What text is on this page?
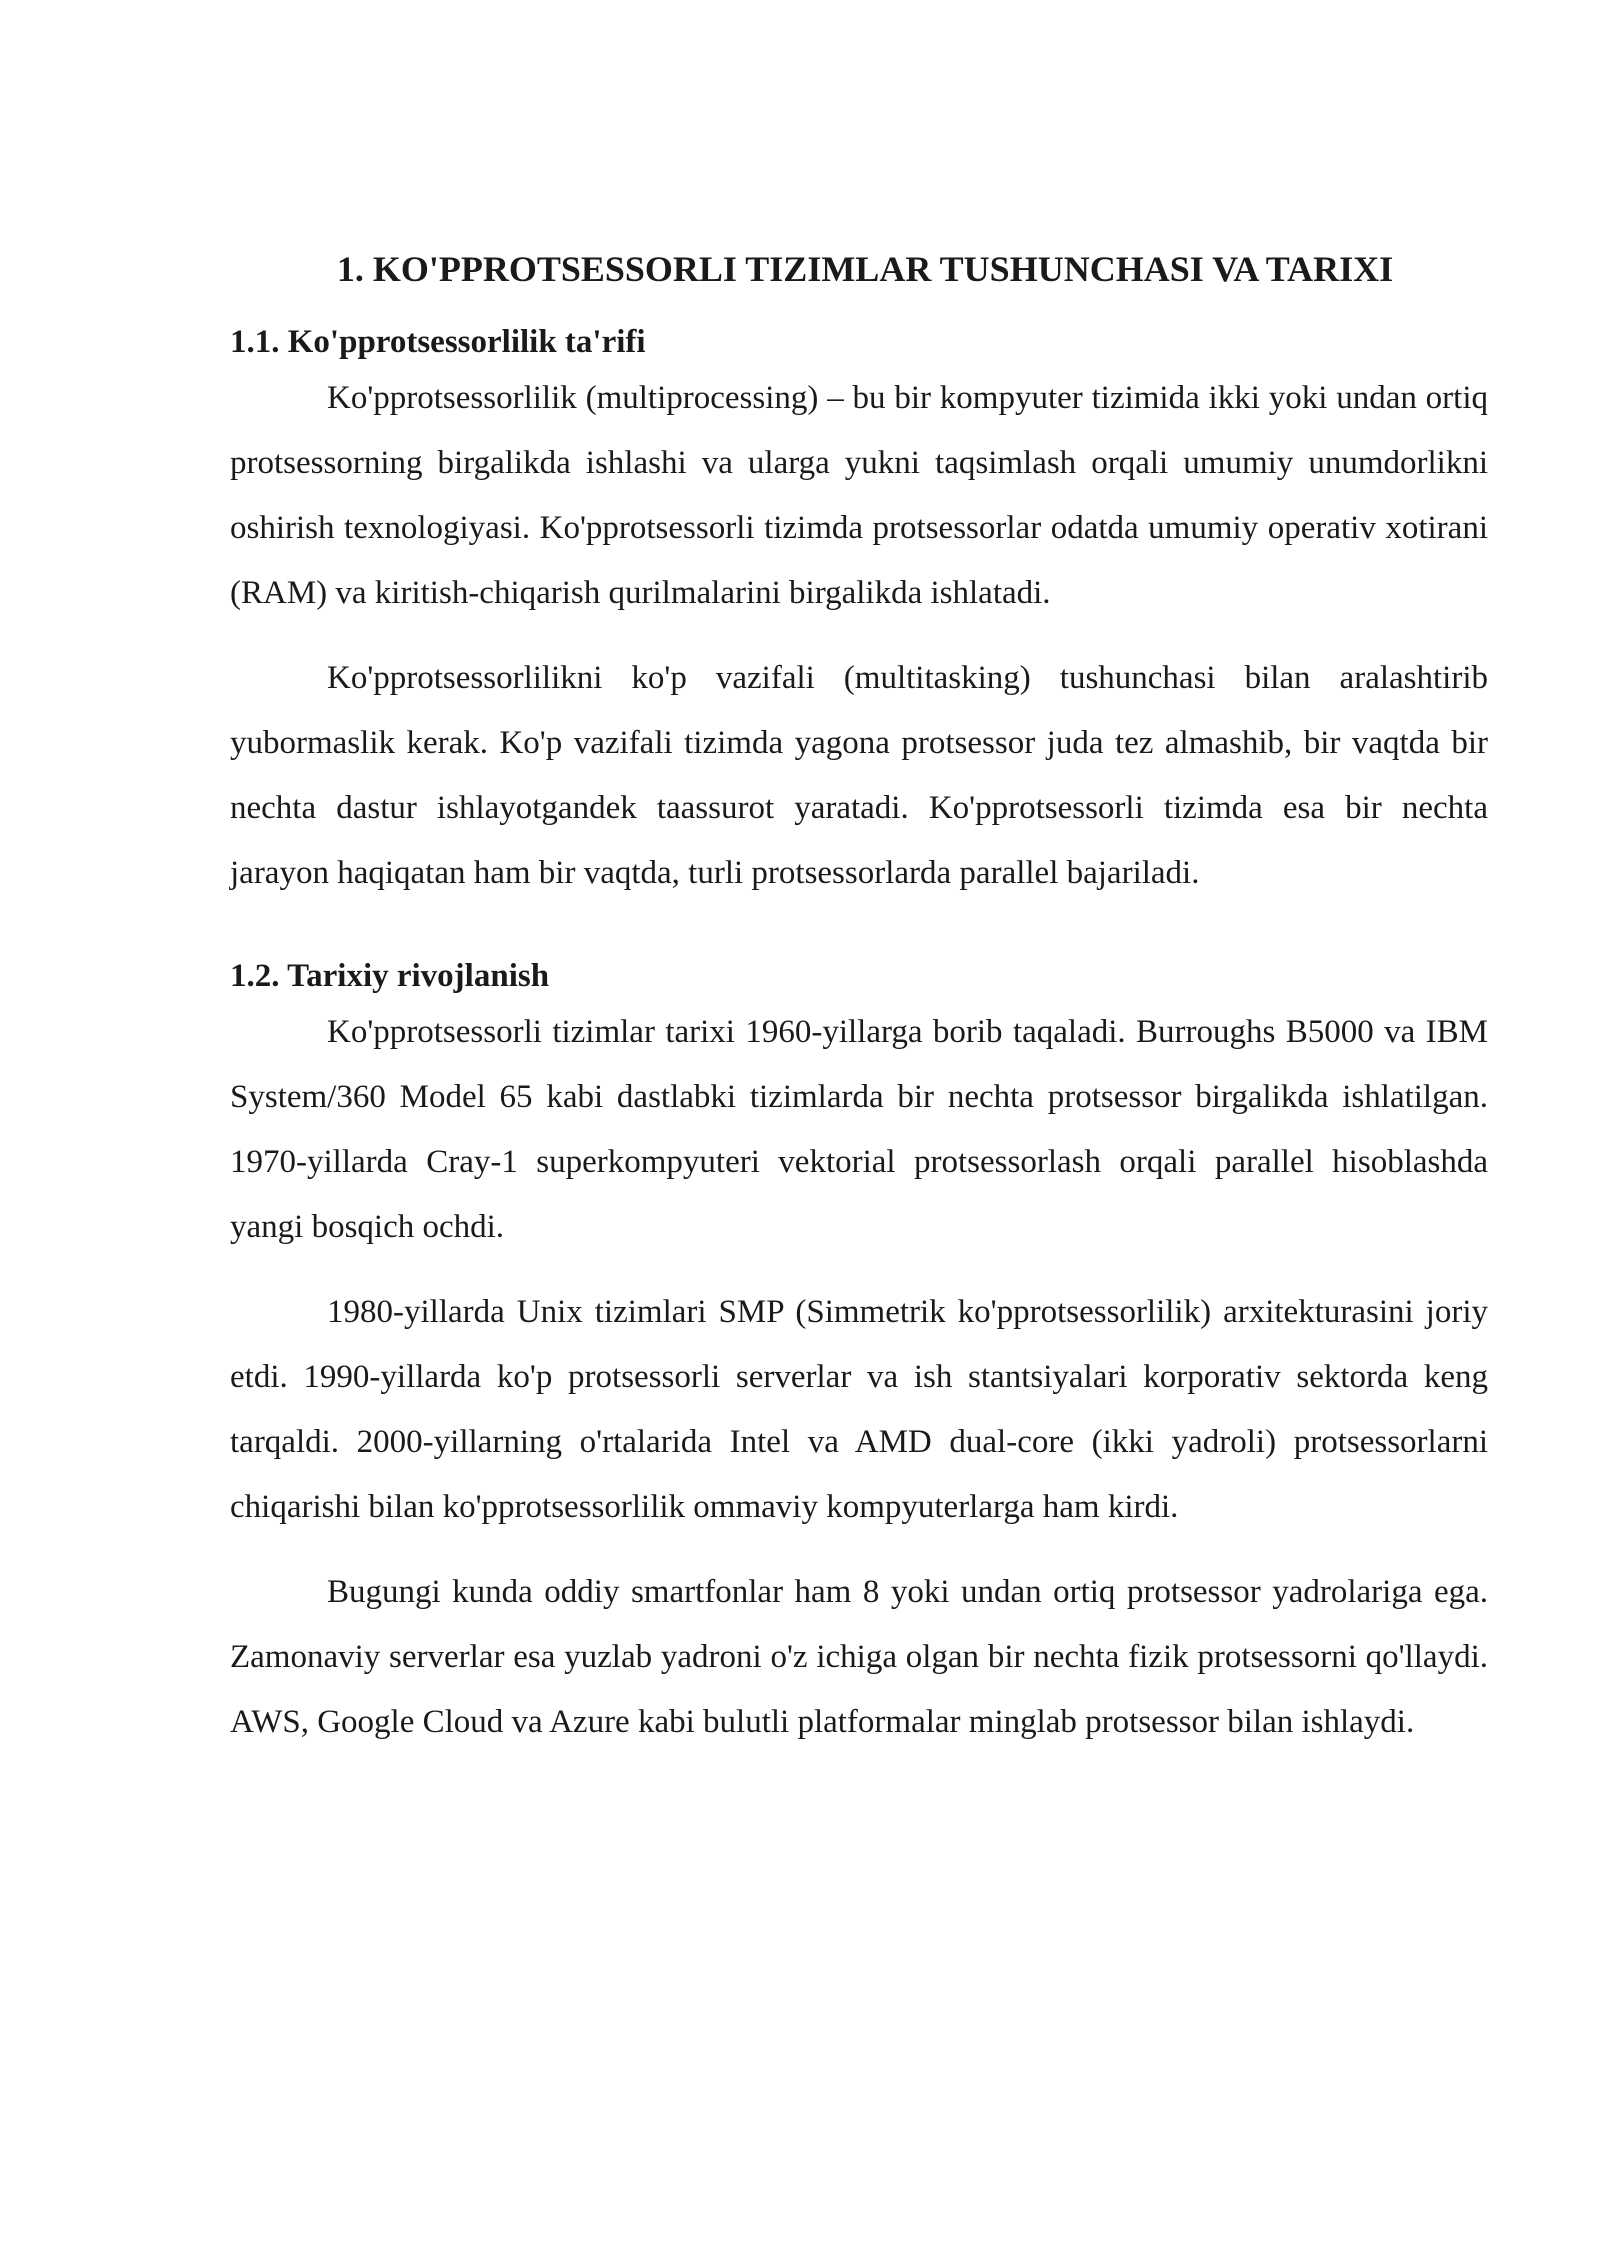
1. KO'PPROTSESSORLI TIZIMLAR TUSHUNCHASI VA TARIXI
1.1. Ko'pprotsessorlilik ta'rifi

Ko'pprotsessorlilik (multiprocessing) – bu bir kompyuter tizimida ikki yoki undan ortiq protsessorning birgalikda ishlashi va ularga yukni taqsimlash orqali umumiy unumdorlikni oshirish texnologiyasi. Ko'pprotsessorli tizimda protsessorlar odatda umumiy operativ xotirani (RAM) va kiritish-chiqarish qurilmalarini birgalikda ishlatadi.

Ko'pprotsessorlilikni ko'p vazifali (multitasking) tushunchasi bilan aralashtirib yubormaslik kerak. Ko'p vazifali tizimda yagona protsessor juda tez almashib, bir vaqtda bir nechta dastur ishlayotgandek taassurot yaratadi. Ko'pprotsessorli tizimda esa bir nechta jarayon haqiqatan ham bir vaqtda, turli protsessorlarda parallel bajariladi.

1.2. Tarixiy rivojlanish

Ko'pprotsessorli tizimlar tarixi 1960-yillarga borib taqaladi. Burroughs B5000 va IBM System/360 Model 65 kabi dastlabki tizimlarda bir nechta protsessor birgalikda ishlatilgan. 1970-yillarda Cray-1 superkompyuteri vektorial protsessorlash orqali parallel hisoblashda yangi bosqich ochdi.

1980-yillarda Unix tizimlari SMP (Simmetrik ko'pprotsessorlilik) arxitekturasini joriy etdi. 1990-yillarda ko'p protsessorli serverlar va ish stantsiyalari korporativ sektorda keng tarqaldi. 2000-yillarning o'rtalarida Intel va AMD dual-core (ikki yadroli) protsessorlarni chiqarishi bilan ko'pprotsessorlilik ommaviy kompyuterlarga ham kirdi.

Bugungi kunda oddiy smartfonlar ham 8 yoki undan ortiq protsessor yadrolariga ega. Zamonaviy serverlar esa yuzlab yadroni o'z ichiga olgan bir nechta fizik protsessorni qo'llaydi. AWS, Google Cloud va Azure kabi bulutli platformalar minglab protsessor bilan ishlaydi.
